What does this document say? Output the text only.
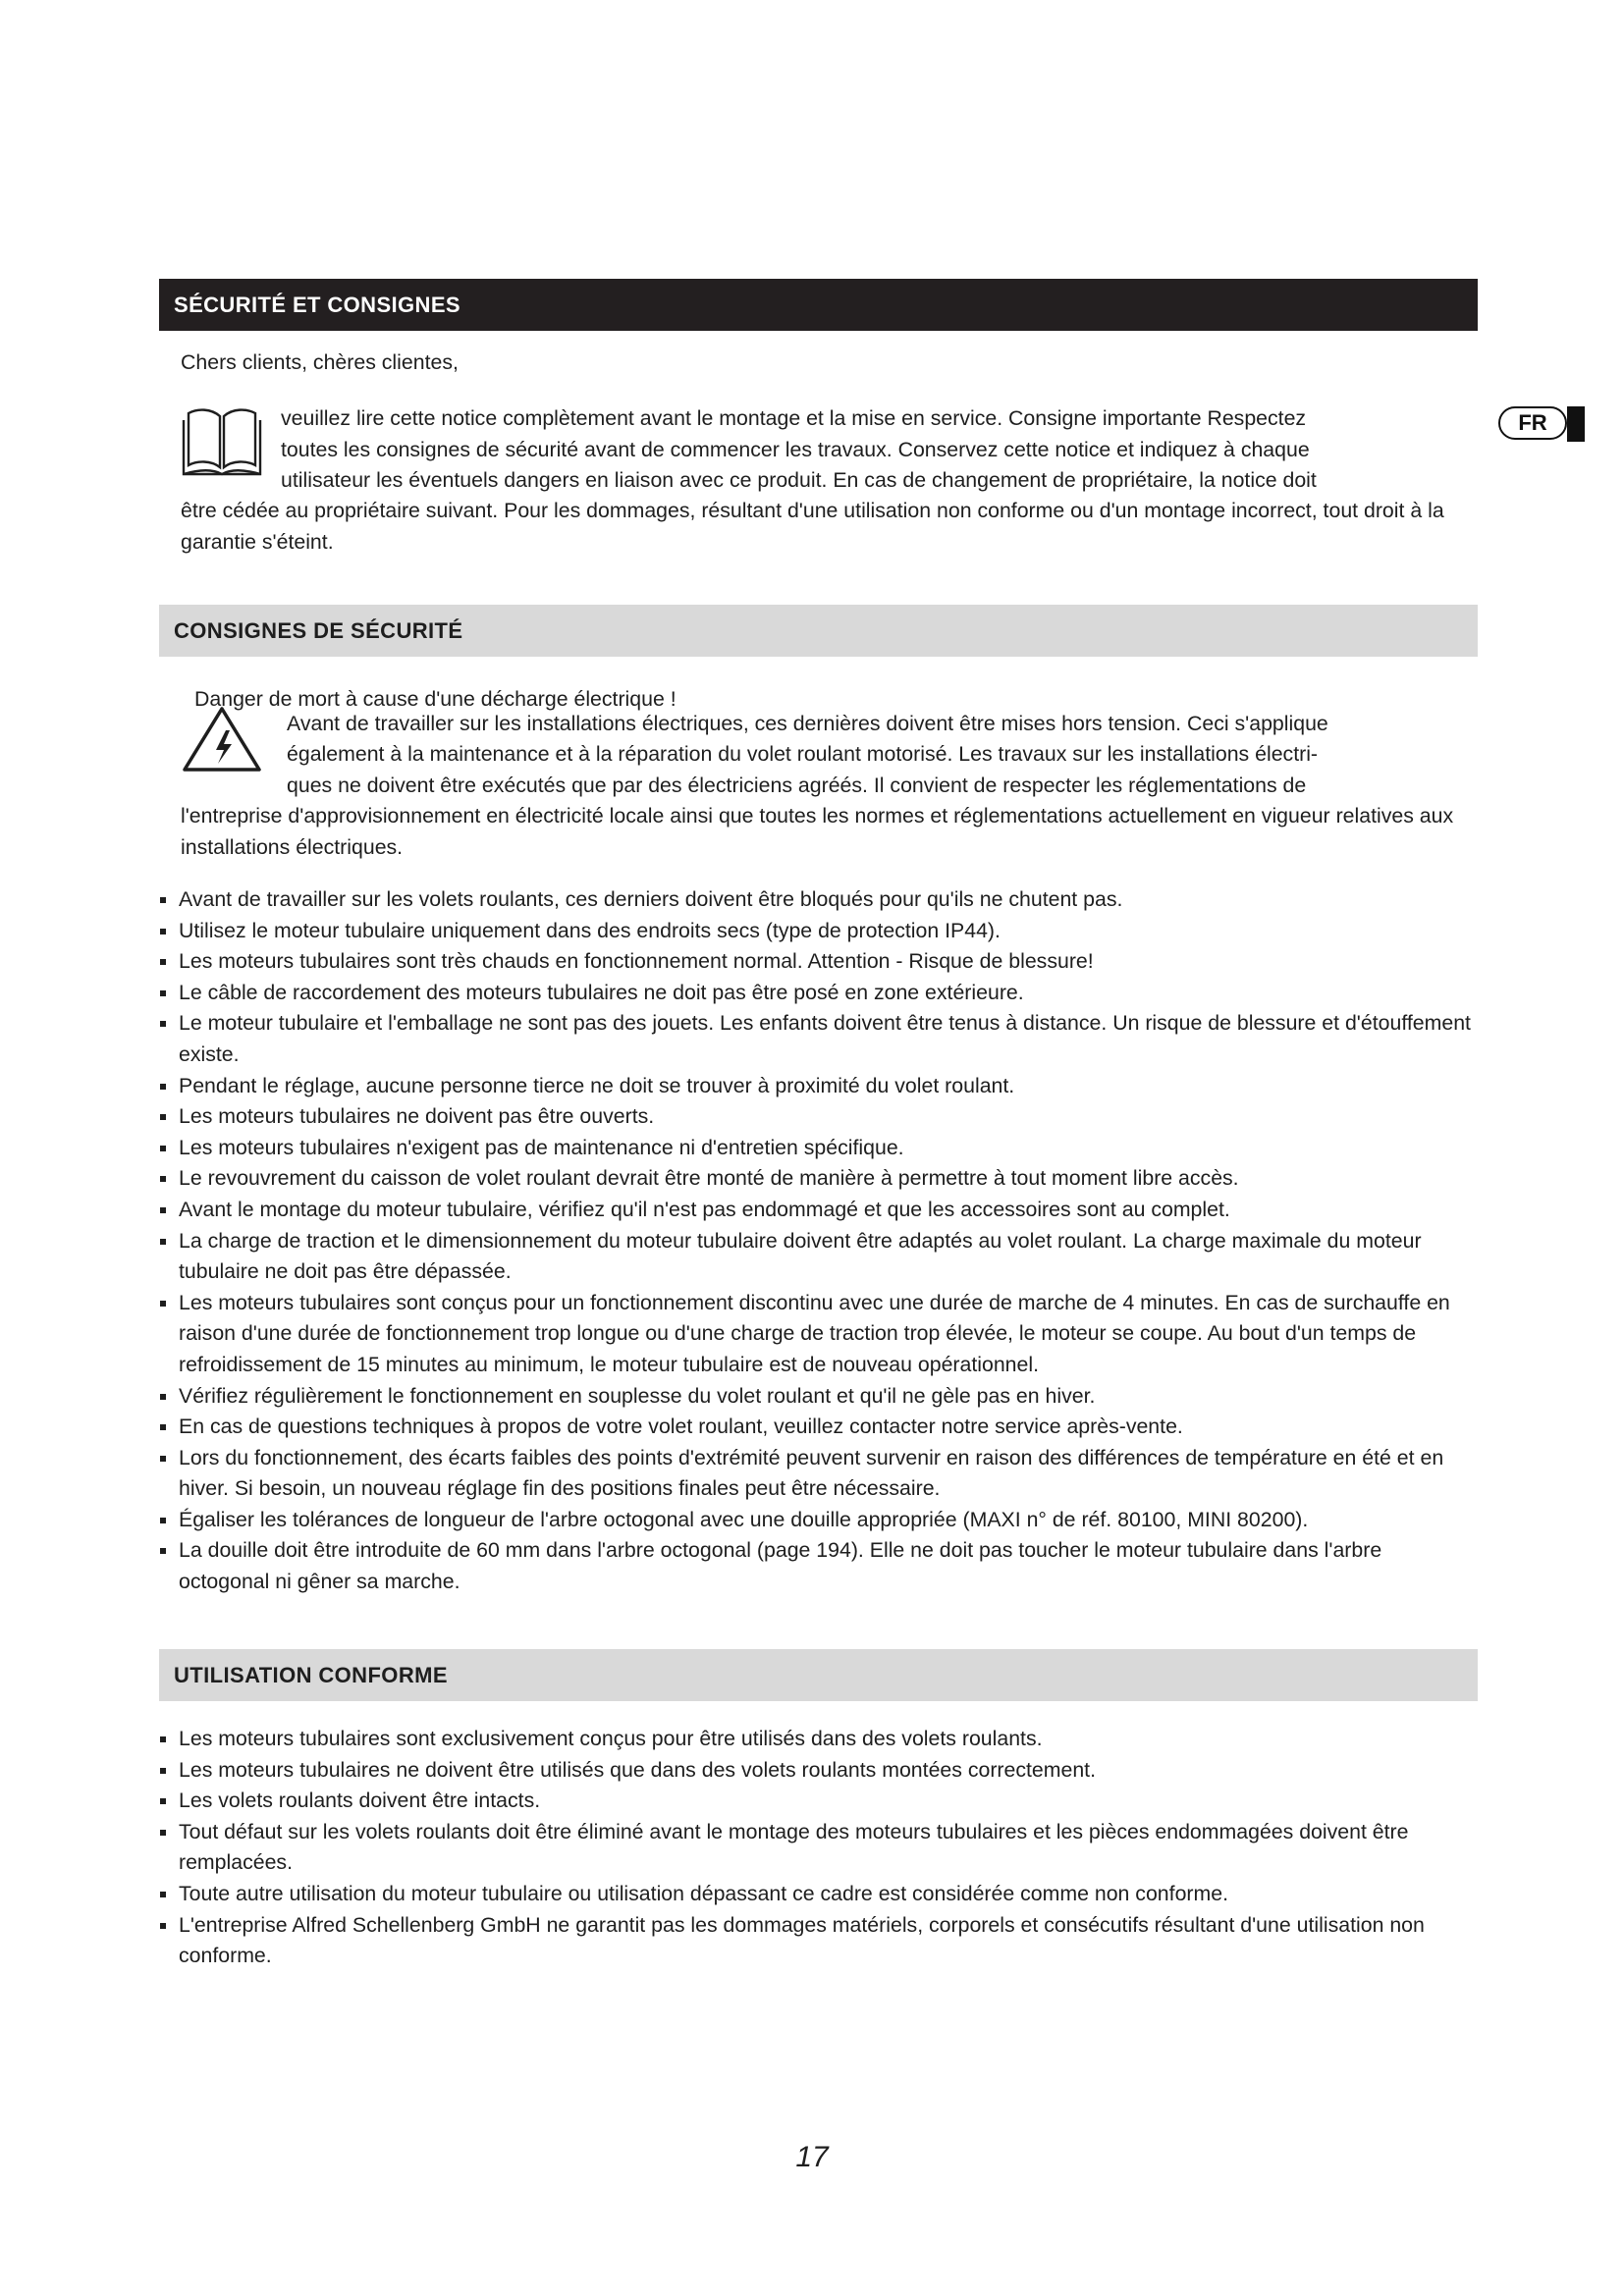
FR
SÉCURITÉ ET CONSIGNES
Chers clients, chères clientes,
veuillez lire cette notice complètement avant le montage et la mise en service. Consigne importante Respectez
toutes les consignes de sécurité avant de commencer les travaux. Conservez cette notice et indiquez à chaque
utilisateur les éventuels dangers en liaison avec ce produit. En cas de changement de propriétaire, la notice doit
être cédée au propriétaire suivant. Pour les dommages, résultant d'une utilisation non conforme ou d'un montage incorrect, tout droit à la garantie s'éteint.
CONSIGNES DE SÉCURITÉ
Danger de mort à cause d'une décharge électrique !
Avant de travailler sur les installations électriques, ces dernières doivent être mises hors tension. Ceci s'applique
également à la maintenance et à la réparation du volet roulant motorisé. Les travaux sur les installations électri-
ques ne doivent être exécutés que par des électriciens agréés. Il convient de respecter les réglementations de
l'entreprise d'approvisionnement en électricité locale ainsi que toutes les normes et réglementations actuellement en vigueur relatives aux installations électriques.
Avant de travailler sur les volets roulants, ces derniers doivent être bloqués pour qu'ils ne chutent pas.
Utilisez le moteur tubulaire uniquement dans des endroits secs (type de protection IP44).
Les moteurs tubulaires sont très chauds en fonctionnement normal. Attention - Risque de blessure!
Le câble de raccordement des moteurs tubulaires ne doit pas être posé en zone extérieure.
Le moteur tubulaire et l'emballage ne sont pas des jouets. Les enfants doivent être tenus à distance. Un risque de blessure et d'étouffement existe.
Pendant le réglage, aucune personne tierce ne doit se trouver à proximité du volet roulant.
Les moteurs tubulaires ne doivent pas être ouverts.
Les moteurs tubulaires n'exigent pas de maintenance ni d'entretien spécifique.
Le revouvrement du caisson de volet roulant devrait être monté de manière à permettre à tout moment libre accès.
Avant le montage du moteur tubulaire, vérifiez qu'il n'est pas endommagé et que les accessoires sont au complet.
La charge de traction et le dimensionnement du moteur tubulaire doivent être adaptés au volet roulant. La charge maximale du moteur tubulaire ne doit pas être dépassée.
Les moteurs tubulaires sont conçus pour un fonctionnement discontinu avec une durée de marche de 4 minutes. En cas de surchauffe en raison d'une durée de fonctionnement trop longue ou d'une charge de traction trop élevée, le moteur se coupe. Au bout d'un temps de refroidissement de 15 minutes au minimum, le moteur tubulaire est de nouveau opérationnel.
Vérifiez régulièrement le fonctionnement en souplesse du volet roulant et qu'il ne gèle pas en hiver.
En cas de questions techniques à propos de votre volet roulant, veuillez contacter notre service après-vente.
Lors du fonctionnement, des écarts faibles des points d'extrémité peuvent survenir en raison des différences de température en été et en hiver. Si besoin, un nouveau réglage fin des positions finales peut être nécessaire.
Égaliser les tolérances de longueur de l'arbre octogonal avec une douille appropriée (MAXI n° de réf. 80100, MINI 80200).
La douille doit être introduite de 60 mm dans l'arbre octogonal (page 194). Elle ne doit pas toucher le moteur tubulaire dans l'arbre octogonal ni gêner sa marche.
UTILISATION CONFORME
Les moteurs tubulaires sont exclusivement conçus pour être utilisés dans des volets roulants.
Les moteurs tubulaires ne doivent être utilisés que dans des volets roulants montées correctement.
Les volets roulants doivent être intacts.
Tout défaut sur les volets roulants doit être éliminé avant le montage des moteurs tubulaires et les pièces endommagées doivent être remplacées.
Toute autre utilisation du moteur tubulaire ou utilisation dépassant ce cadre est considérée comme non conforme.
L'entreprise Alfred Schellenberg GmbH ne garantit pas les dommages matériels, corporels et consécutifs résultant d'une utilisation non conforme.
17
